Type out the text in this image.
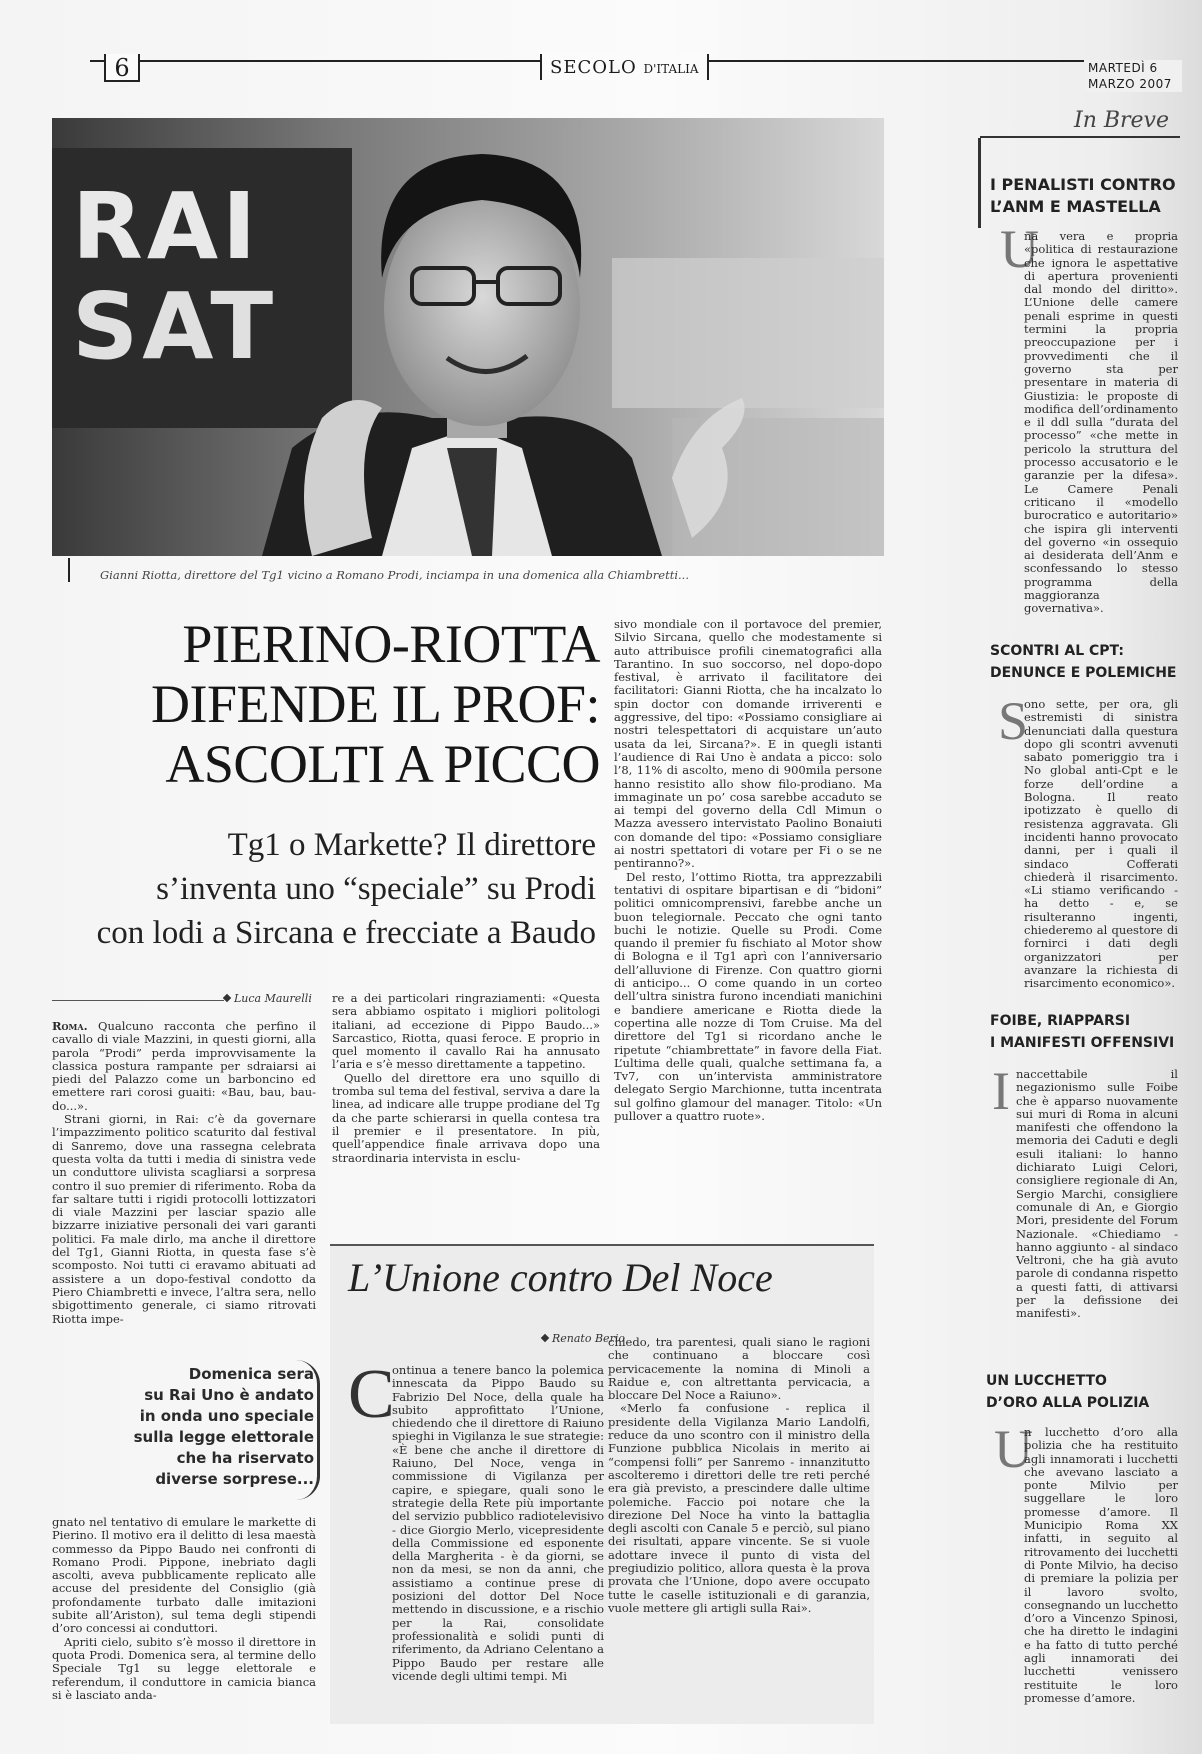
6	SECOLO D'ITALIA	MARTEDÌ 6 MARZO 2007
RAI
SAT
Gianni Riotta, direttore del Tg1 vicino a Romano Prodi, inciampa in una domenica alla Chiambretti...
PIERINO-RIOTTA
DIFENDE IL PROF:
ASCOLTI A PICCO
Tg1 o Markette? Il direttore
s’inventa uno “speciale” su Prodi
con lodi a Sircana e frecciate a Baudo
Luca Maurelli

Roma. Qualcuno racconta che perfino il cavallo di viale Mazzini, in questi giorni, alla parola “Prodi” perda improvvisamente la classica postura rampante per sdraiarsi ai piedi del Palazzo come un barboncino ed emettere rari corosi guaiti: «Bau, bau, bau-do...».

Strani giorni, in Rai: c’è da governare l’impazzimento politico scaturito dal festival di Sanremo, dove una rassegna celebrata questa volta da tutti i media di sinistra vede un conduttore ulivista scagliarsi a sorpresa contro il suo premier di riferimento. Roba da far saltare tutti i rigidi protocolli lottizzatori di viale Mazzini per lasciar spazio alle bizzarre iniziative personali dei vari garanti politici. Fa male dirlo, ma anche il direttore del Tg1, Gianni Riotta, in questa fase s’è scomposto. Noi tutti ci eravamo abituati ad assistere a un dopo-festival condotto da Piero Chiambretti e invece, l’altra sera, nello sbigottimento generale, ci siamo ritrovati Riotta impe-

Domenica sera
su Rai Uno è andato
in onda uno speciale
sulla legge elettorale
che ha riservato
diverse sorprese...

gnato nel tentativo di emulare le markette di Pierino. Il motivo era il delitto di lesa maestà commesso da Pippo Baudo nei confronti di Romano Prodi. Pippone, inebriato dagli ascolti, aveva pubblicamente replicato alle accuse del presidente del Consiglio (già profondamente turbato dalle imitazioni subite all’Ariston), sul tema degli stipendi d’oro concessi ai conduttori.

Apriti cielo, subito s’è mosso il direttore in quota Prodi. Domenica sera, al termine dello Speciale Tg1 su legge elettorale e referendum, il conduttore in camicia bianca si è lasciato anda-

re a dei particolari ringraziamenti: «Questa sera abbiamo ospitato i migliori politologi italiani, ad eccezione di Pippo Baudo...» Sarcastico, Riotta, quasi feroce. E proprio in quel momento il cavallo Rai ha annusato l’aria e s’è messo direttamente a tappetino.

Quello del direttore era uno squillo di tromba sul tema del festival, serviva a dare la linea, ad indicare alle truppe prodiane del Tg da che parte schierarsi in quella contesa tra il premier e il presentatore. In più, quell’appendice finale arrivava dopo una straordinaria intervista in esclu-

sivo mondiale con il portavoce del premier, Silvio Sircana, quello che modestamente si auto attribuisce profili cinematografici alla Tarantino. In suo soccorso, nel dopo-dopo festival, è arrivato il facilitatore dei facilitatori: Gianni Riotta, che ha incalzato lo spin doctor con domande irriverenti e aggressive, del tipo: «Possiamo consigliare ai nostri telespettatori di acquistare un’auto usata da lei, Sircana?». E in quegli istanti l’audience di Rai Uno è andata a picco: solo l’8, 11% di ascolto, meno di 900mila persone hanno resistito allo show filo-prodiano. Ma immaginate un po’ cosa sarebbe accaduto se ai tempi del governo della Cdl Mimun o Mazza avessero intervistato Paolino Bonaiuti con domande del tipo: «Possiamo consigliare ai nostri spettatori di votare per Fi o se ne pentiranno?».

Del resto, l’ottimo Riotta, tra apprezzabili tentativi di ospitare bipartisan e di “bidoni” politici omnicomprensivi, farebbe anche un buon telegiornale. Peccato che ogni tanto buchi le notizie. Quelle su Prodi. Come quando il premier fu fischiato al Motor show di Bologna e il Tg1 aprì con l’anniversario dell’alluvione di Firenze. Con quattro giorni di anticipo... O come quando in un corteo dell’ultra sinistra furono incendiati manichini e bandiere americane e Riotta diede la copertina alle nozze di Tom Cruise. Ma del direttore del Tg1 si ricordano anche le ripetute “chiambrettate” in favore della Fiat. L’ultima delle quali, qualche settimana fa, a Tv7, con un’intervista amministratore delegato Sergio Marchionne, tutta incentrata sul golfino glamour del manager. Titolo: «Un pullover a quattro ruote».

L’Unione contro Del Noce
Renato Berio
C

ontinua a tenere banco la polemica innescata da Pippo Baudo su Fabrizio Del Noce, della quale ha subito approfittato l’Unione, chiedendo che il direttore di Raiuno spieghi in Vigilanza le sue strategie: «È bene che anche il direttore di Raiuno, Del Noce, venga in commissione di Vigilanza per capire, e spiegare, quali sono le strategie della Rete più importante del servizio pubblico radiotelevisivo - dice Giorgio Merlo, vicepresidente della Commissione ed esponente della Margherita - è da giorni, se non da mesi, se non da anni, che assistiamo a continue prese di posizioni del dottor Del Noce mettendo in discussione, e a rischio per la Rai, consolidate professionalità e solidi punti di riferimento, da Adriano Celentano a Pippo Baudo per restare alle vicende degli ultimi tempi. Mi

chiedo, tra parentesi, quali siano le ragioni che continuano a bloccare così pervicacemente la nomina di Minoli a Raidue e, con altrettanta pervicacia, a bloccare Del Noce a Raiuno».

«Merlo fa confusione - replica il presidente della Vigilanza Mario Landolfi, reduce da uno scontro con il ministro della Funzione pubblica Nicolais in merito ai “compensi folli” per Sanremo - innanzitutto ascolteremo i direttori delle tre reti perché era già previsto, a prescindere dalle ultime polemiche. Faccio poi notare che la direzione Del Noce ha vinto la battaglia degli ascolti con Canale 5 e perciò, sul piano dei risultati, appare vincente. Se si vuole adottare invece il punto di vista del pregiudizio politico, allora questa è la prova provata che l’Unione, dopo avere occupato tutte le caselle istituzionali e di garanzia, vuole mettere gli artigli sulla Rai».

In Breve
I PENALISTI CONTRO
L’ANM E MASTELLA
U

na vera e propria «politica di restaurazione che ignora le aspettative di apertura provenienti dal mondo del diritto». L’Unione delle camere penali esprime in questi termini la propria preoccupazione per i provvedimenti che il governo sta per presentare in materia di Giustizia: le proposte di modifica dell’ordinamento e il ddl sulla “durata del processo” «che mette in pericolo la struttura del processo accusatorio e le garanzie per la difesa». Le Camere Penali criticano il «modello burocratico e autoritario» che ispira gli interventi del governo «in ossequio ai desiderata dell’Anm e sconfessando lo stesso programma della maggioranza governativa».

SCONTRI AL CPT:
DENUNCE E POLEMICHE
S

ono sette, per ora, gli estremisti di sinistra denunciati dalla questura dopo gli scontri avvenuti sabato pomeriggio tra i No global anti-Cpt e le forze dell’ordine a Bologna. Il reato ipotizzato è quello di resistenza aggravata. Gli incidenti hanno provocato danni, per i quali il sindaco Cofferati chiederà il risarcimento. «Li stiamo verificando - ha detto - e, se risulteranno ingenti, chiederemo al questore di fornirci i dati degli organizzatori per avanzare la richiesta di risarcimento economico».

FOIBE, RIAPPARSI
I MANIFESTI OFFENSIVI
I naccettabile il negazionismo sulle Foibe che è apparso nuovamente sui muri di Roma in alcuni manifesti che offendono la memoria dei Caduti e degli esuli italiani: lo hanno dichiarato Luigi Celori, consigliere regionale di An, Sergio Marchi, consigliere comunale di An, e Giorgio Mori, presidente del Forum Nazionale. «Chiediamo - hanno aggiunto - al sindaco Veltroni, che ha già avuto parole di condanna rispetto a questi fatti, di attivarsi per la defissione dei manifesti».

UN LUCCHETTO
D’ORO ALLA POLIZIA
U

n lucchetto d’oro alla polizia che ha restituito agli innamorati i lucchetti che avevano lasciato a ponte Milvio per suggellare le loro promesse d’amore. Il Municipio Roma XX infatti, in seguito al ritrovamento dei lucchetti di Ponte Milvio, ha deciso di premiare la polizia per il lavoro svolto, consegnando un lucchetto d’oro a Vincenzo Spinosi, che ha diretto le indagini e ha fatto di tutto perché agli innamorati dei lucchetti venissero restituite le loro promesse d’amore.
